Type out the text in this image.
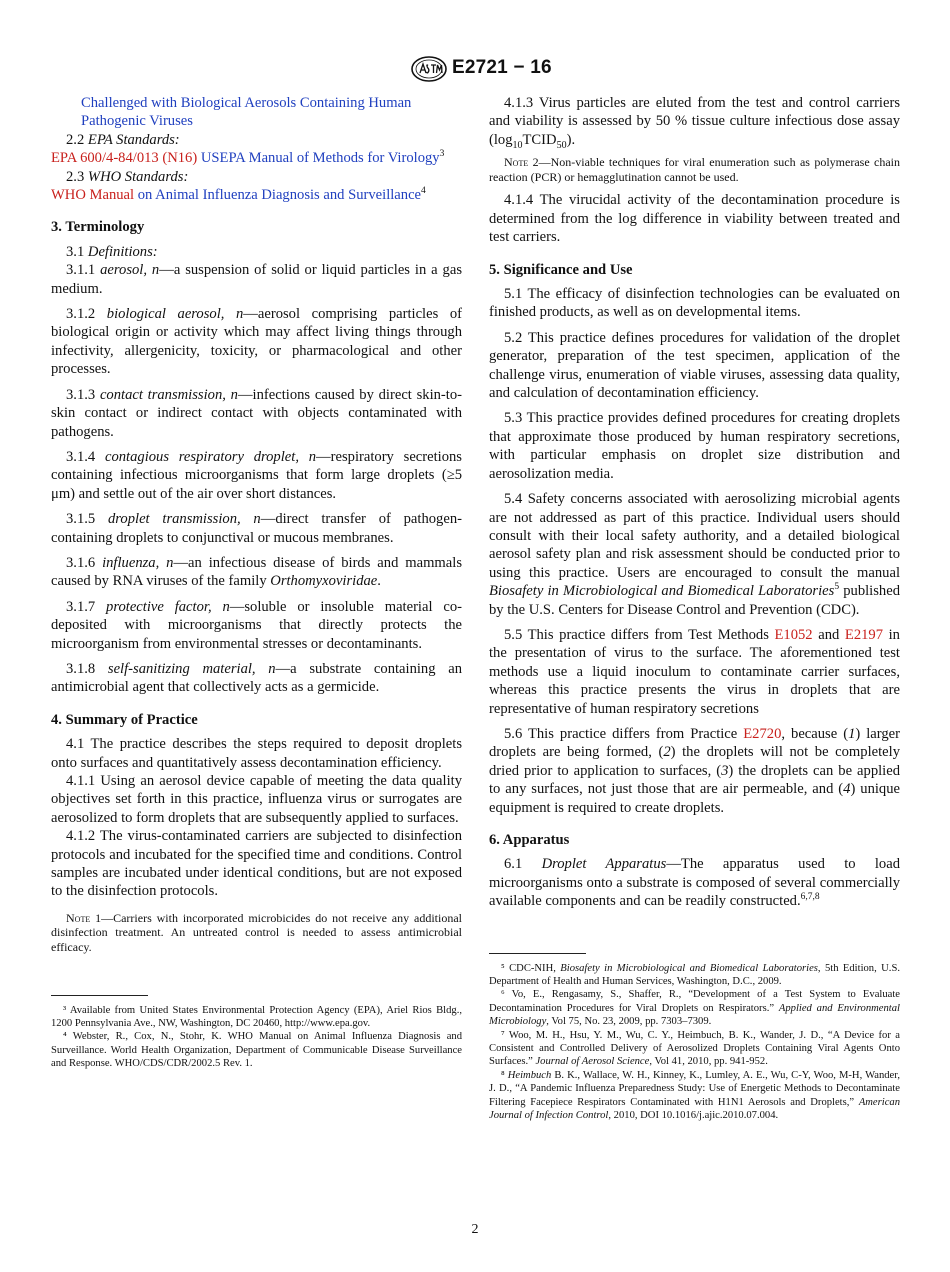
E2721 − 16

Challenged with Biological Aerosols Containing Human Pathogenic Viruses

2.2 EPA Standards:

EPA 600/4-84/013 (N16) USEPA Manual of Methods for Virology$^3$

2.3 WHO Standards:

WHO Manual on Animal Influenza Diagnosis and Surveillance$^4$

3. Terminology

3.1 Definitions:

3.1.1 aerosol, n—a suspension of solid or liquid particles in a gas medium.

3.1.2 biological aerosol, n—aerosol comprising particles of biological origin or activity which may affect living things through infectivity, allergenicity, toxicity, or pharmacological and other processes.

3.1.3 contact transmission, n—infections caused by direct skin-to-skin contact or indirect contact with objects contaminated with pathogens.

3.1.4 contagious respiratory droplet, n—respiratory secretions containing infectious microorganisms that form large droplets (≥5 μm) and settle out of the air over short distances.

3.1.5 droplet transmission, n—direct transfer of pathogen-containing droplets to conjunctival or mucous membranes.

3.1.6 influenza, n—an infectious disease of birds and mammals caused by RNA viruses of the family Orthomyxoviridae.

3.1.7 protective factor, n—soluble or insoluble material co-deposited with microorganisms that directly protects the microorganism from environmental stresses or decontaminants.

3.1.8 self-sanitizing material, n—a substrate containing an antimicrobial agent that collectively acts as a germicide.

4. Summary of Practice

4.1 The practice describes the steps required to deposit droplets onto surfaces and quantitatively assess decontamination efficiency.

4.1.1 Using an aerosol device capable of meeting the data quality objectives set forth in this practice, influenza virus or surrogates are aerosolized to form droplets that are subsequently applied to surfaces.

4.1.2 The virus-contaminated carriers are subjected to disinfection protocols and incubated for the specified time and conditions. Control samples are incubated under identical conditions, but are not exposed to the disinfection protocols.

Note 1—Carriers with incorporated microbicides do not receive any additional disinfection treatment. An untreated control is needed to assess antimicrobial efficacy.

³ Available from United States Environmental Protection Agency (EPA), Ariel Rios Bldg., 1200 Pennsylvania Ave., NW, Washington, DC 20460, http://www.epa.gov.

⁴ Webster, R., Cox, N., Stohr, K. WHO Manual on Animal Influenza Diagnosis and Surveillance. World Health Organization, Department of Communicable Disease Surveillance and Response. WHO/CDS/CDR/2002.5 Rev. 1.

4.1.3 Virus particles are eluted from the test and control carriers and viability is assessed by 50 % tissue culture infectious dose assay $(\log_{10}TCID_{50})$.

Note 2—Non-viable techniques for viral enumeration such as polymerase chain reaction (PCR) or hemagglutination cannot be used.

4.1.4 The virucidal activity of the decontamination procedure is determined from the log difference in viability between treated and test carriers.

5. Significance and Use

5.1 The efficacy of disinfection technologies can be evaluated on finished products, as well as on developmental items.

5.2 This practice defines procedures for validation of the droplet generator, preparation of the test specimen, application of the challenge virus, enumeration of viable viruses, assessing data quality, and calculation of decontamination efficiency.

5.3 This practice provides defined procedures for creating droplets that approximate those produced by human respiratory secretions, with particular emphasis on droplet size distribution and aerosolization media.

5.4 Safety concerns associated with aerosolizing microbial agents are not addressed as part of this practice. Individual users should consult with their local safety authority, and a detailed biological aerosol safety plan and risk assessment should be conducted prior to using this practice. Users are encouraged to consult the manual Biosafety in Microbiological and Biomedical Laboratories$^5$ published by the U.S. Centers for Disease Control and Prevention (CDC).

5.5 This practice differs from Test Methods E1052 and E2197 in the presentation of virus to the surface. The aforementioned test methods use a liquid inoculum to contaminate carrier surfaces, whereas this practice presents the virus in droplets that are representative of human respiratory secretions

5.6 This practice differs from Practice E2720, because (1) larger droplets are being formed, (2) the droplets will not be completely dried prior to application to surfaces, (3) the droplets can be applied to any surfaces, not just those that are air permeable, and (4) unique equipment is required to create droplets.

6. Apparatus

6.1 Droplet Apparatus—The apparatus used to load microorganisms onto a substrate is composed of several commercially available components and can be readily constructed.$^{6,7,8}$

⁵ CDC-NIH, Biosafety in Microbiological and Biomedical Laboratories, 5th Edition, U.S. Department of Health and Human Services, Washington, D.C., 2009.

⁶ Vo, E., Rengasamy, S., Shaffer, R., “Development of a Test System to Evaluate Decontamination Procedures for Viral Droplets on Respirators.” Applied and Environmental Microbiology, Vol 75, No. 23, 2009, pp. 7303–7309.

⁷ Woo, M. H., Hsu, Y. M., Wu, C. Y., Heimbuch, B. K., Wander, J. D., “A Device for a Consistent and Controlled Delivery of Aerosolized Droplets Containing Viral Agents Onto Surfaces.” Journal of Aerosol Science, Vol 41, 2010, pp. 941-952.

⁸ Heimbuch B. K., Wallace, W. H., Kinney, K., Lumley, A. E., Wu, C-Y, Woo, M-H, Wander, J. D., “A Pandemic Influenza Preparedness Study: Use of Energetic Methods to Decontaminate Filtering Facepiece Respirators Contaminated with H1N1 Aerosols and Droplets,” American Journal of Infection Control, 2010, DOI 10.1016/j.ajic.2010.07.004.

2
